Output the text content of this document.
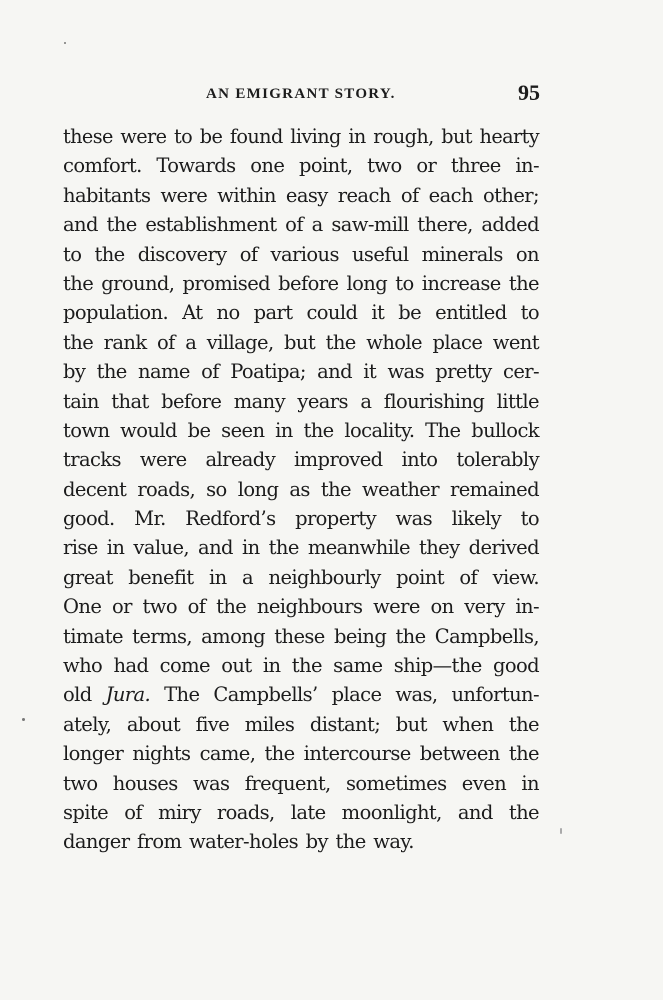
AN EMIGRANT STORY.	95
these were to be found living in rough, but hearty
comfort. Towards one point, two or three in-
habitants were within easy reach of each other;
and the establishment of a saw-mill there, added
to the discovery of various useful minerals on
the ground, promised before long to increase the
population. At no part could it be entitled to
the rank of a village, but the whole place went
by the name of Poatipa; and it was pretty cer-
tain that before many years a flourishing little
town would be seen in the locality. The bullock
tracks were already improved into tolerably
decent roads, so long as the weather remained
good. Mr. Redford’s property was likely to
rise in value, and in the meanwhile they derived
great benefit in a neighbourly point of view.
One or two of the neighbours were on very in-
timate terms, among these being the Campbells,
who had come out in the same ship—the good
old Jura. The Campbells’ place was, unfortun-
ately, about five miles distant; but when the
longer nights came, the intercourse between the
two houses was frequent, sometimes even in
spite of miry roads, late moonlight, and the
danger from water-holes by the way.
